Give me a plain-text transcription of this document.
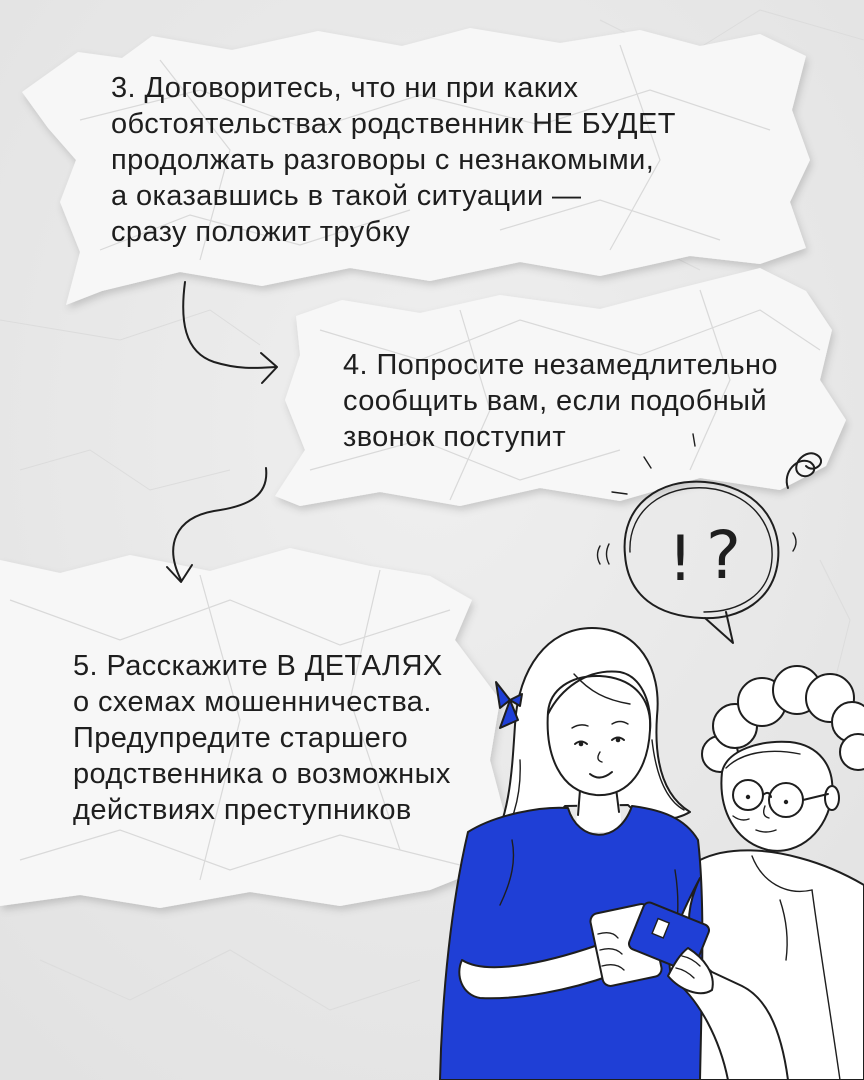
! ?
3. Договоритесь, что ни при каких
обстоятельствах родственник НЕ БУДЕТ
продолжать разговоры с незнакомыми,
а оказавшись в такой ситуации —
сразу положит трубку
4. Попросите незамедлительно
сообщить вам, если подобный
звонок поступит
5. Расскажите В ДЕТАЛЯХ
о схемах мошенничества.
Предупредите старшего
родственника о возможных
действиях преступников
